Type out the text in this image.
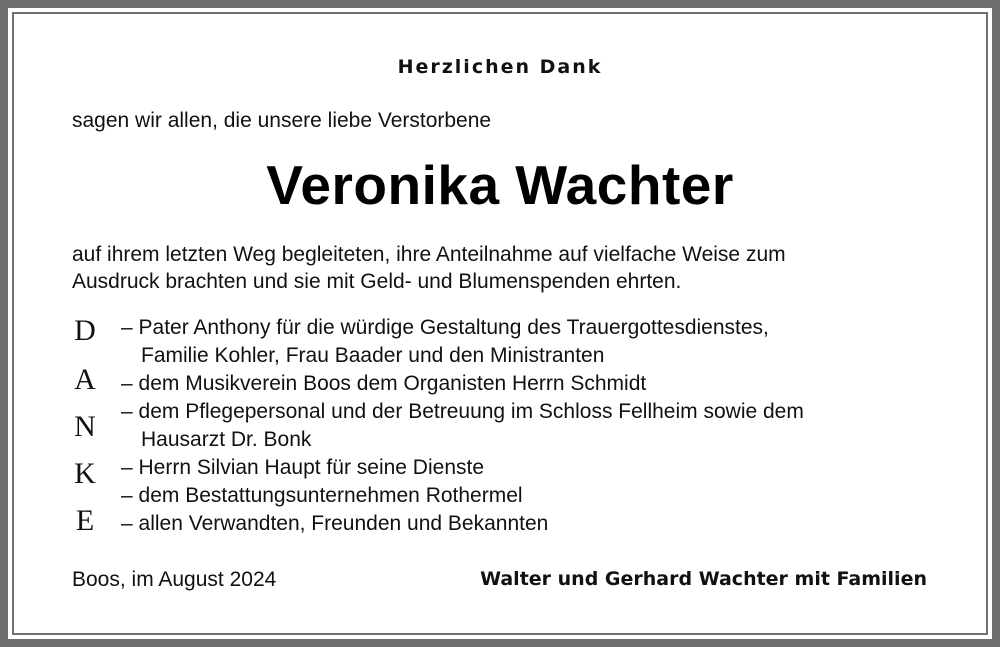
Herzlichen Dank
sagen wir allen, die unsere liebe Verstorbene
Veronika Wachter
auf ihrem letzten Weg begleiteten, ihre Anteilnahme auf vielfache Weise zum
Ausdruck brachten und sie mit Geld- und Blumenspenden ehrten.
D
A
N
K
E
– Pater Anthony für die würdige Gestaltung des Trauergottesdienstes,
Familie Kohler, Frau Baader und den Ministranten
– dem Musikverein Boos dem Organisten Herrn Schmidt
– dem Pflegepersonal und der Betreuung im Schloss Fellheim sowie dem
Hausarzt Dr. Bonk
– Herrn Silvian Haupt für seine Dienste
– dem Bestattungsunternehmen Rothermel
– allen Verwandten, Freunden und Bekannten
Boos, im August 2024	Walter und Gerhard Wachter mit Familien
